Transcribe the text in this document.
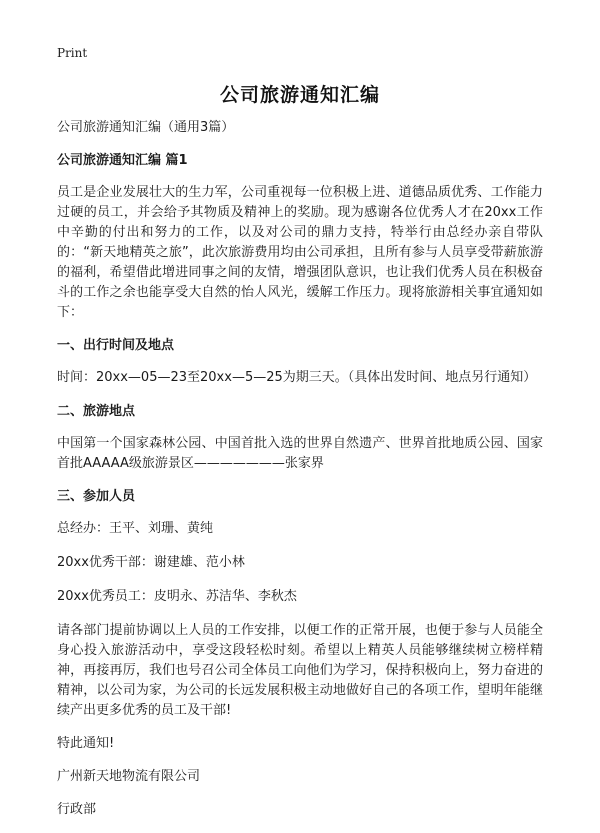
Print
公司旅游通知汇编

公司旅游通知汇编（通用3篇）

公司旅游通知汇编 篇1

员工是企业发展壮大的生力军，公司重视每一位积极上进、道德品质优秀、工作能力过硬的员工，并会给予其物质及精神上的奖励。现为感谢各位优秀人才在20xx工作中辛勤的付出和努力的工作，以及对公司的鼎力支持，特举行由总经办亲自带队的：“新天地精英之旅”，此次旅游费用均由公司承担，且所有参与人员享受带薪旅游的福利，希望借此增进同事之间的友情，增强团队意识，也让我们优秀人员在积极奋斗的工作之余也能享受大自然的怡人风光，缓解工作压力。现将旅游相关事宜通知如下：

一、出行时间及地点

时间：20xx—05—23至20xx—5—25为期三天。（具体出发时间、地点另行通知）

二、旅游地点

中国第一个国家森林公园、中国首批入选的世界自然遗产、世界首批地质公园、国家首批AAAAA级旅游景区———————张家界

三、参加人员

总经办：王平、刘珊、黄纯

20xx优秀干部：谢建雄、范小林

20xx优秀员工：皮明永、苏洁华、李秋杰

请各部门提前协调以上人员的工作安排，以便工作的正常开展，也便于参与人员能全身心投入旅游活动中，享受这段轻松时刻。希望以上精英人员能够继续树立榜样精神，再接再厉，我们也号召公司全体员工向他们为学习，保持积极向上，努力奋进的精神，以公司为家，为公司的长远发展积极主动地做好自己的各项工作，望明年能继续产出更多优秀的员工及干部!

特此通知!

广州新天地物流有限公司

行政部
